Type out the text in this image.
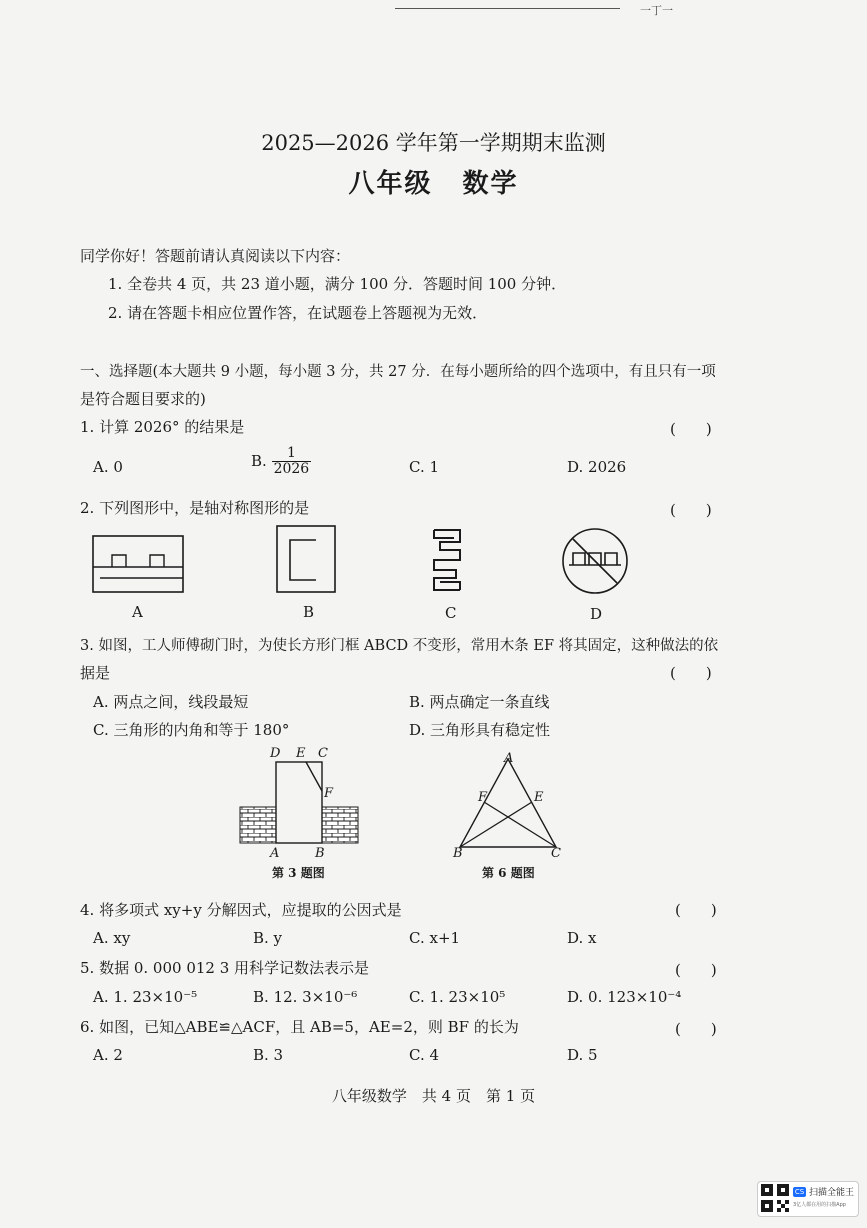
一丁一
2025—2026 学年第一学期期末监测
八年级 数学
同学你好！答题前请认真阅读以下内容：
1. 全卷共 4 页，共 23 道小题，满分 100 分．答题时间 100 分钟．
2. 请在答题卡相应位置作答，在试题卷上答题视为无效．
一、选择题(本大题共 9 小题，每小题 3 分，共 27 分．在每小题所给的四个选项中，有且只有一项
是符合题目要求的)
1. 计算 2026° 的结果是	(　　)
A. 0	B. $\frac{1}{2026}$	C. 1	D. 2026
2. 下列图形中，是轴对称图形的是	(　　)
A	B	C	D
3. 如图，工人师傅砌门时，为使长方形门框 ABCD 不变形，常用木条 EF 将其固定，这种做法的依
据是	(　　)
A. 两点之间，线段最短	B. 两点确定一条直线
C. 三角形的内角和等于 180°	D. 三角形具有稳定性
D E C
F
A	B
第 3 题图
A
F	E
B	C
第 6 题图
4. 将多项式 xy+y 分解因式，应提取的公因式是	(　　)
A. xy	B. y	C. x+1	D. x
5. 数据 0. 000 012 3 用科学记数法表示是	(　　)
A. 1. 23×10⁻⁵	B. 12. 3×10⁻⁶	C. 1. 23×10⁵	D. 0. 123×10⁻⁴
6. 如图，已知△ABE≌△ACF，且 AB=5，AE=2，则 BF 的长为	(　　)
A. 2	B. 3	C. 4	D. 5
八年级数学　共 4 页　第 1 页
CS 扫描全能王
3亿人都在用的扫描App
